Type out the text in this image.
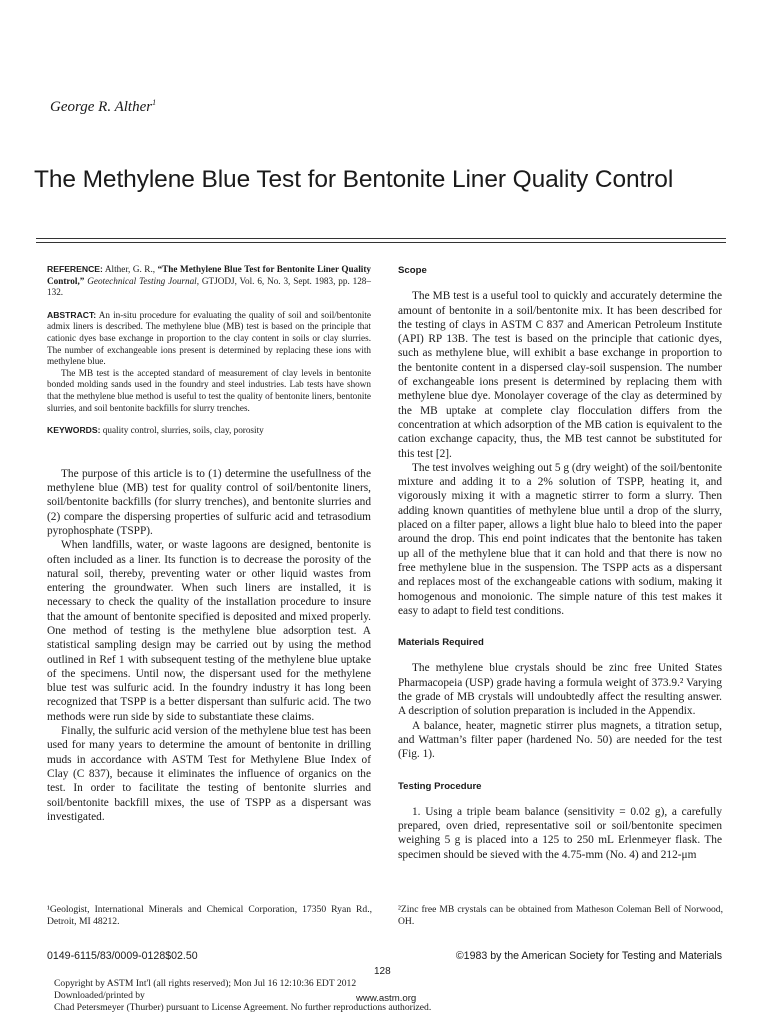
George R. Alther$^1$
The Methylene Blue Test for Bentonite Liner Quality Control

REFERENCE: Alther, G. R., “The Methylene Blue Test for Bentonite Liner Quality Control,” Geotechnical Testing Journal, GTJODJ, Vol. 6, No. 3, Sept. 1983, pp. 128–132.

ABSTRACT: An in-situ procedure for evaluating the quality of soil and soil/bentonite admix liners is described. The methylene blue (MB) test is based on the principle that cationic dyes base exchange in proportion to the clay content in soils or clay slurries. The number of exchangeable ions present is determined by replacing these ions with methylene blue.

The MB test is the accepted standard of measurement of clay levels in bentonite bonded molding sands used in the foundry and steel industries. Lab tests have shown that the methylene blue method is useful to test the quality of bentonite liners, bentonite slurries, and soil bentonite backfills for slurry trenches.

KEYWORDS: quality control, slurries, soils, clay, porosity

The purpose of this article is to (1) determine the usefullness of the methylene blue (MB) test for quality control of soil/bentonite liners, soil/bentonite backfills (for slurry trenches), and bentonite slurries and (2) compare the dispersing properties of sulfuric acid and tetrasodium pyrophosphate (TSPP).

When landfills, water, or waste lagoons are designed, bentonite is often included as a liner. Its function is to decrease the porosity of the natural soil, thereby, preventing water or other liquid wastes from entering the groundwater. When such liners are installed, it is necessary to check the quality of the installation procedure to insure that the amount of bentonite specified is deposited and mixed properly. One method of testing is the methylene blue adsorption test. A statistical sampling design may be carried out by using the method outlined in Ref 1 with subsequent testing of the methylene blue uptake of the specimens. Until now, the dispersant used for the methylene blue test was sulfuric acid. In the foundry industry it has long been recognized that TSPP is a better dispersant than sulfuric acid. The two methods were run side by side to substantiate these claims.

Finally, the sulfuric acid version of the methylene blue test has been used for many years to determine the amount of bentonite in drilling muds in accordance with ASTM Test for Methylene Blue Index of Clay (C 837), because it eliminates the influence of organics on the test. In order to facilitate the testing of bentonite slurries and soil/bentonite backfill mixes, the use of TSPP as a dispersant was investigated.

Scope

The MB test is a useful tool to quickly and accurately determine the amount of bentonite in a soil/bentonite mix. It has been described for the testing of clays in ASTM C 837 and American Petroleum Institute (API) RP 13B. The test is based on the principle that cationic dyes, such as methylene blue, will exhibit a base exchange in proportion to the bentonite content in a dispersed clay-soil suspension. The number of exchangeable ions present is determined by replacing them with methylene blue dye. Monolayer coverage of the clay as determined by the MB uptake at complete clay flocculation differs from the concentration at which adsorption of the MB cation is equivalent to the cation exchange capacity, thus, the MB test cannot be substituted for this test [2].

The test involves weighing out 5 g (dry weight) of the soil/bentonite mixture and adding it to a 2% solution of TSPP, heating it, and vigorously mixing it with a magnetic stirrer to form a slurry. Then adding known quantities of methylene blue until a drop of the slurry, placed on a filter paper, allows a light blue halo to bleed into the paper around the drop. This end point indicates that the bentonite has taken up all of the methylene blue that it can hold and that there is now no free methylene blue in the suspension. The TSPP acts as a dispersant and replaces most of the exchangeable cations with sodium, making it homogenous and monoionic. The simple nature of this test makes it easy to adapt to field test conditions.

Materials Required

The methylene blue crystals should be zinc free United States Pharmacopeia (USP) grade having a formula weight of 373.9.² Varying the grade of MB crystals will undoubtedly affect the resulting answer. A description of solution preparation is included in the Appendix.

A balance, heater, magnetic stirrer plus magnets, a titration setup, and Wattman’s filter paper (hardened No. 50) are needed for the test (Fig. 1).

Testing Procedure

1. Using a triple beam balance (sensitivity = 0.02 g), a carefully prepared, oven dried, representative soil or soil/bentonite specimen weighing 5 g is placed into a 125 to 250 mL Erlenmeyer flask. The specimen should be sieved with the 4.75-mm (No. 4) and 212-μm

¹Geologist, International Minerals and Chemical Corporation, 17350 Ryan Rd., Detroit, MI 48212.
²Zinc free MB crystals can be obtained from Matheson Coleman Bell of Norwood, OH.
0149-6115/83/0009-0128$02.50	©1983 by the American Society for Testing and Materials
128
Copyright by ASTM Int'l (all rights reserved); Mon Jul 16 12:10:36 EDT 2012
Downloaded/printed by	www.astm.org
Chad Petersmeyer (Thurber) pursuant to License Agreement. No further reproductions authorized.
